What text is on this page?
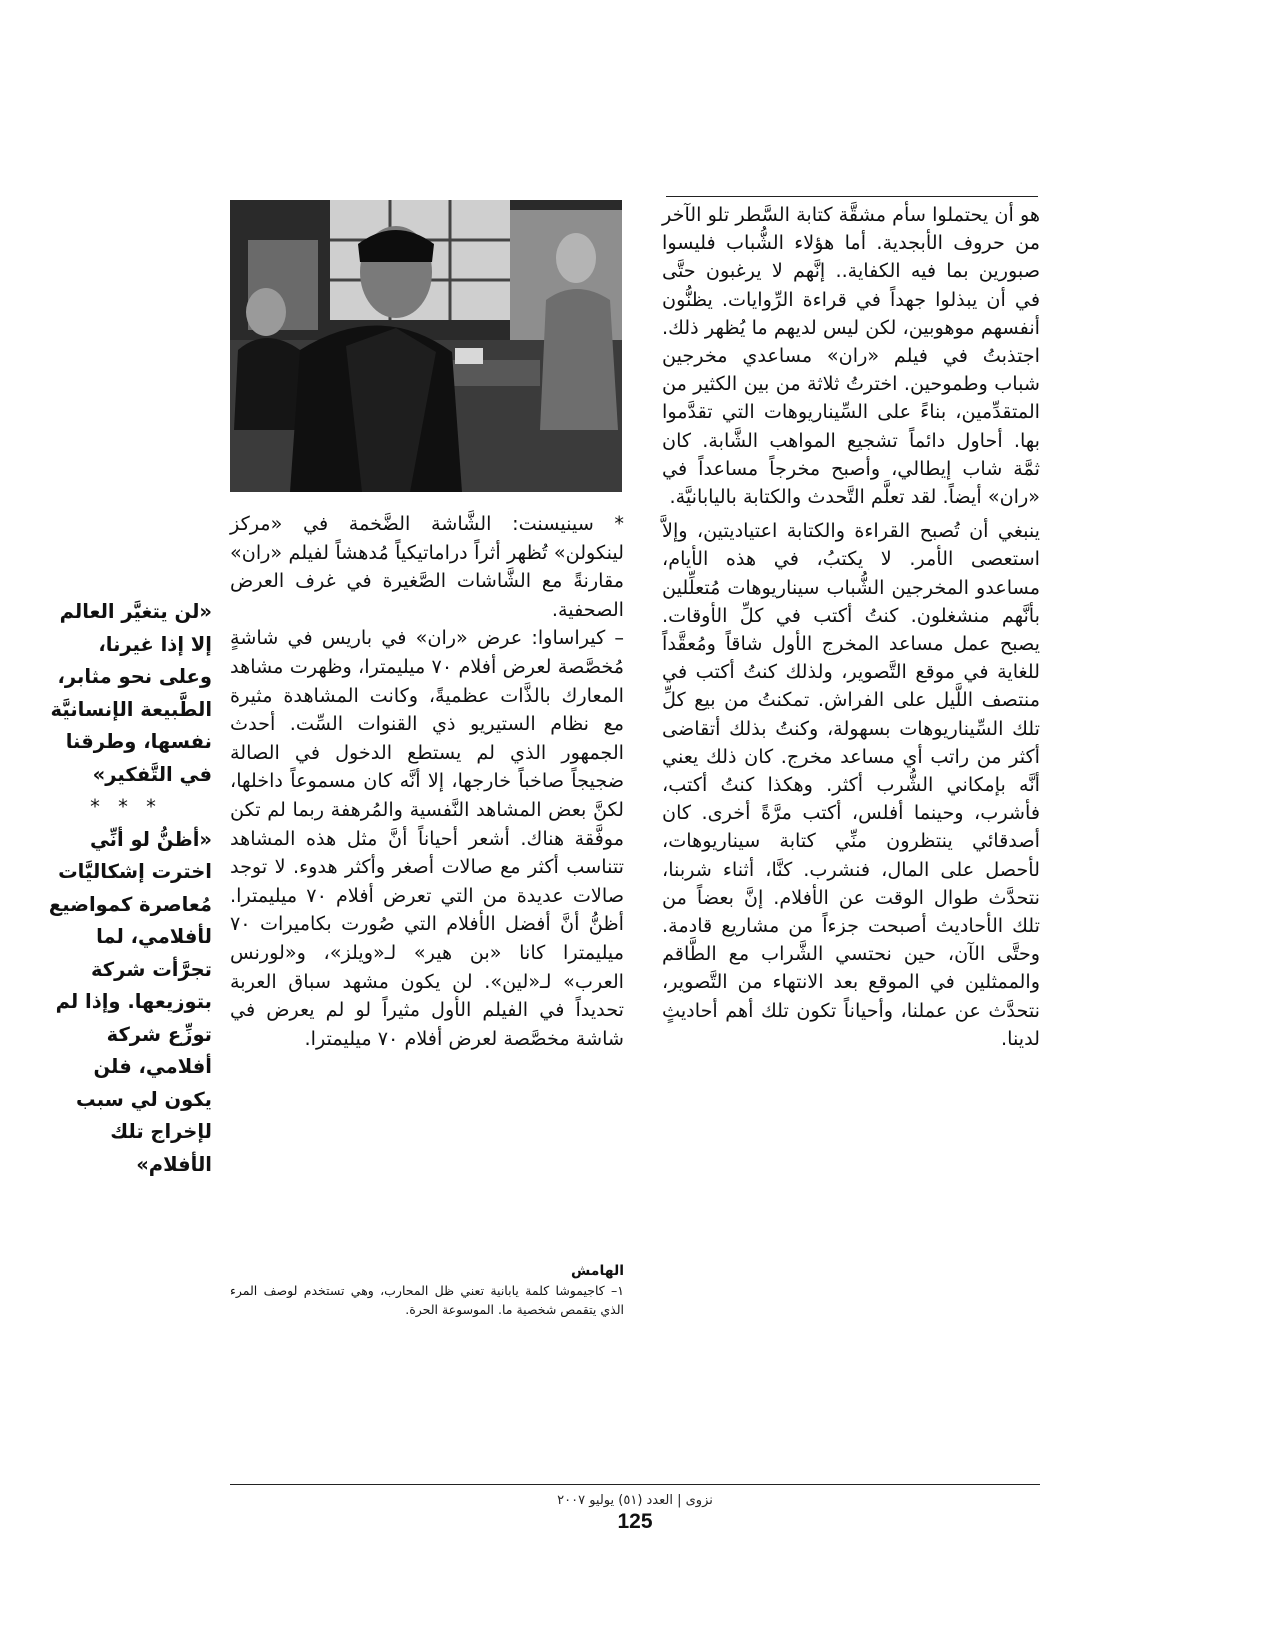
هو أن يحتملوا سأم مشقَّة كتابة السَّطر تلو الآخر من حروف الأبجدية. أما هؤلاء الشُّباب فليسوا صبورين بما فيه الكفاية.. إنَّهم لا يرغبون حتَّى في أن يبذلوا جهداً في قراءة الرِّوايات. يظنُّون أنفسهم موهوبين، لكن ليس لديهم ما يُظهر ذلك. اجتذبتُ في فيلم «ران» مساعدي مخرجين شباب وطموحين. اخترتُ ثلاثة من بين الكثير من المتقدِّمين، بناءً على السِّيناريوهات التي تقدَّموا بها. أحاول دائماً تشجيع المواهب الشَّابة. كان ثمَّة شاب إيطالي، وأصبح مخرجاً مساعداً في «ران» أيضاً. لقد تعلَّم التَّحدث والكتابة باليابانيَّة.

ينبغي أن تُصبح القراءة والكتابة اعتياديتين، وإلاَّ استعصى الأمر. لا يكتبُ، في هذه الأيام، مساعدو المخرجين الشُّباب سيناريوهات مُتعلِّلين بأنَّهم منشغلون. كنتُ أكتب في كلِّ الأوقات. يصبح عمل مساعد المخرج الأول شاقاً ومُعقَّداً للغاية في موقع التَّصوير، ولذلك كنتُ أكتب في منتصف اللَّيل على الفراش. تمكنتُ من بيع كلِّ تلك السِّيناريوهات بسهولة، وكنتُ بذلك أتقاضى أكثر من راتب أي مساعد مخرج. كان ذلك يعني أنَّه بإمكاني الشُّرب أكثر. وهكذا كنتُ أكتب، فأشرب، وحينما أفلس، أكتب مرَّةً أخرى. كان أصدقائي ينتظرون منِّي كتابة سيناريوهات، لأحصل على المال، فنشرب. كنَّا، أثناء شربنا، نتحدَّث طوال الوقت عن الأفلام. إنَّ بعضاً من تلك الأحاديث أصبحت جزءاً من مشاريع قادمة. وحتَّى الآن، حين نحتسي الشَّراب مع الطَّاقم والممثلين في الموقع بعد الانتهاء من التَّصوير، نتحدَّث عن عملنا، وأحياناً تكون تلك أهم أحاديثٍ لدينا.

* سينيسنت: الشَّاشة الضَّخمة في «مركز لينكولن» تُظهر أثراً دراماتيكياً مُدهشاً لفيلم «ران» مقارنةً مع الشَّاشات الصَّغيرة في غرف العرض الصحفية.

– كيراساوا: عرض «ران» في باريس في شاشةٍ مُخصَّصة لعرض أفلام ٧٠ ميليمترا، وظهرت مشاهد المعارك بالذَّات عظميةً، وكانت المشاهدة مثيرة مع نظام الستيريو ذي القنوات السِّت. أحدث الجمهور الذي لم يستطع الدخول في الصالة ضجيجاً صاخباً خارجها، إلا أنَّه كان مسموعاً داخلها، لكنَّ بعض المشاهد النَّفسية والمُرهفة ربما لم تكن موفَّقة هناك. أشعر أحياناً أنَّ مثل هذه المشاهد تتناسب أكثر مع صالات أصغر وأكثر هدوء. لا توجد صالات عديدة من التي تعرض أفلام ٧٠ ميليمترا. أظنُّ أنَّ أفضل الأفلام التي صُورت بكاميرات ٧٠ ميليمترا كانا «بن هير» لـ«ويلز»، و«لورنس العرب» لـ«لين». لن يكون مشهد سباق العربة تحديداً في الفيلم الأول مثيراً لو لم يعرض في شاشة مخصَّصة لعرض أفلام ٧٠ ميليمترا.

الهامش

١– كاجيموشا كلمة يابانية تعني ظل المحارب، وهي تستخدم لوصف المرء الذي يتقمص شخصية ما. الموسوعة الحرة.

«لن يتغيَّر العالم إلا إذا غيرنا، وعلى نحو مثابر، الطَّبيعة الإنسانيَّة نفسها، وطرقنا في التَّفكير»

* * *

«أظنُّ لو أنِّي اخترت إشكاليَّات مُعاصرة كمواضيع لأفلامي، لما تجرَّأت شركة بتوزيعها. وإذا لم توزِّع شركة أفلامي، فلن يكون لي سبب لإخراج تلك الأفلام»

نزوى | العدد (٥١) يوليو ٢٠٠٧
125
